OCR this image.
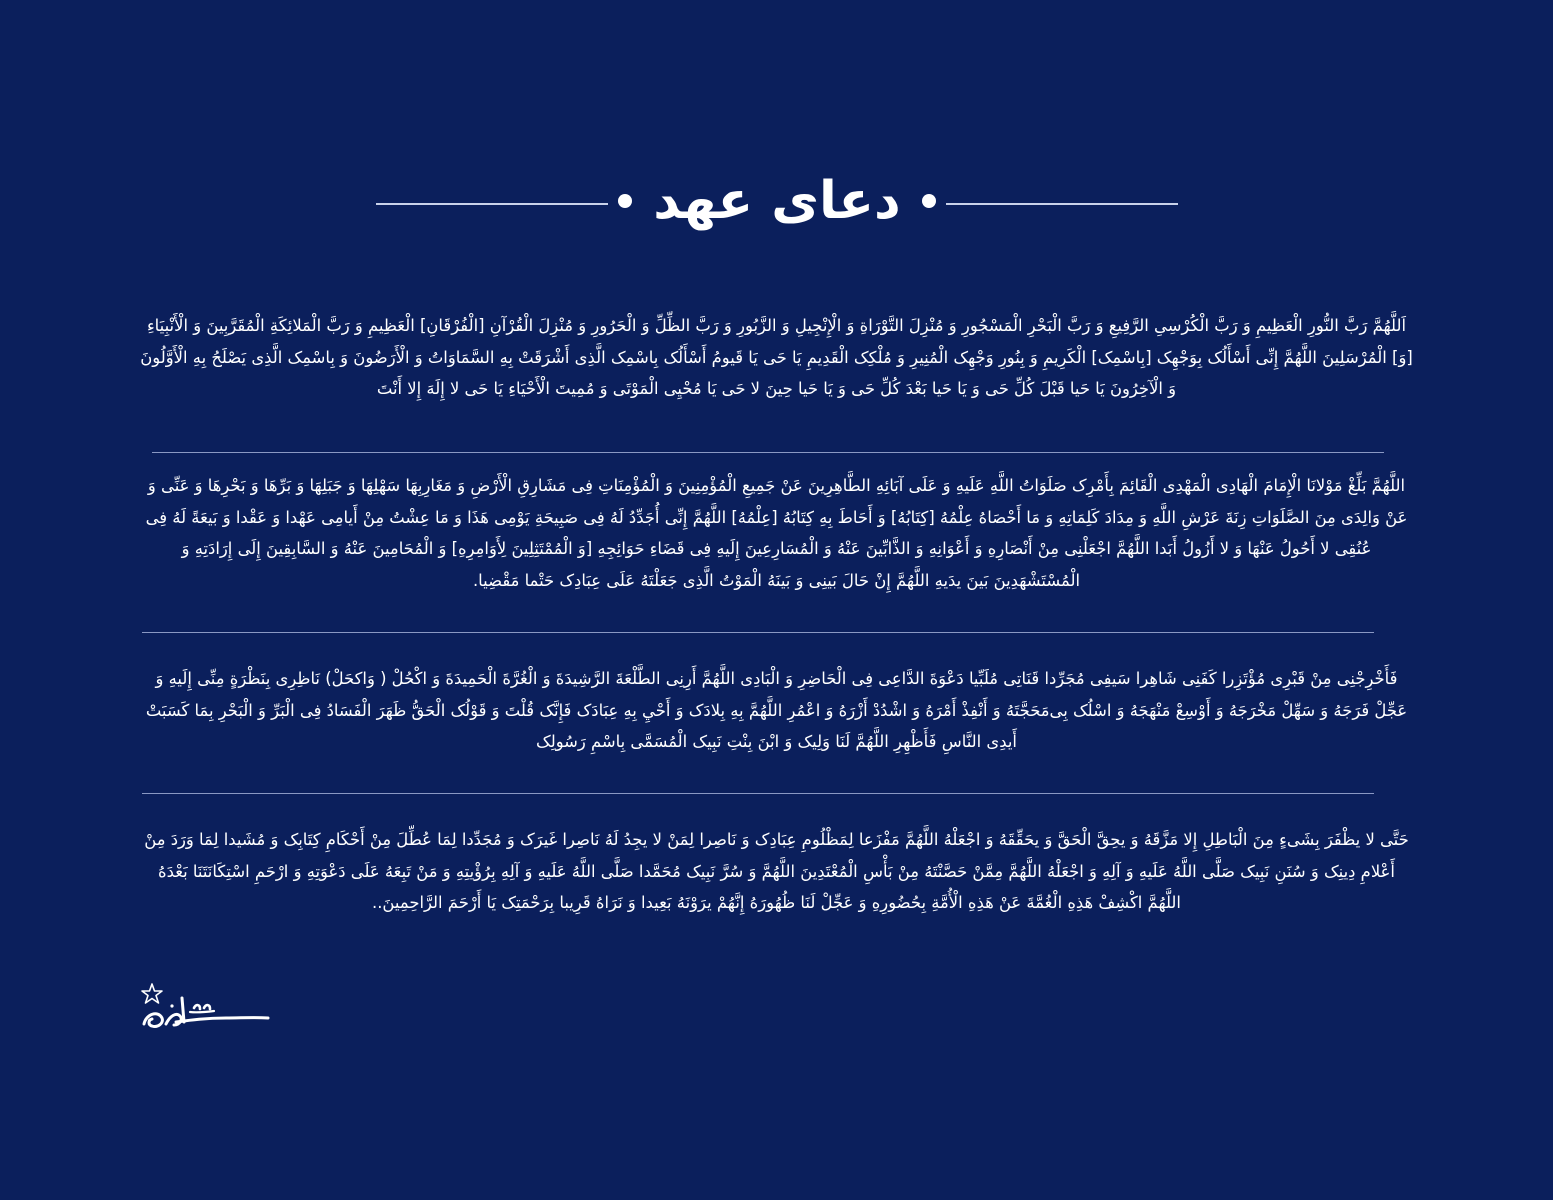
دعای عهد

اَللَّهُمَّ رَبَّ النُّورِ الْعَظِيمِ وَ رَبَّ الْكُرْسِیِ الرَّفِيعِ وَ رَبَّ الْبَحْرِ الْمَسْجُورِ وَ مُنْزِلَ التَّوْرَاةِ وَ الْإِنْجِيلِ وَ الزَّبُورِ وَ رَبَّ الظِّلِّ وَ الْحَرُورِ وَ مُنْزِلَ الْقُرْآنِ [الْفُرْقَانِ] الْعَظِيمِ وَ رَبَّ الْمَلائِكَةِ الْمُقَرَّبِينَ وَ الْأَنْبِيَاءِ [وَ] الْمُرْسَلِينَ اللَّهُمَّ إِنِّی أَسْأَلُک بِوَجْهِک [بِاسْمِک] الْكَرِيمِ وَ بِنُورِ وَجْهِک الْمُنِيرِ وَ مُلْكِک الْقَدِيمِ يَا حَی يَا قَيومُ أَسْأَلُک بِاسْمِک الَّذِی أَشْرَقَتْ بِهِ السَّمَاوَاتُ وَ الْأَرَضُونَ وَ بِاسْمِک الَّذِی يَصْلَحُ بِهِ الْأَوَّلُونَ وَ الْآخِرُونَ يَا حَيا قَبْلَ كُلِّ حَی وَ يَا حَيا بَعْدَ كُلِّ حَی وَ يَا حَيا حِينَ لا حَی يَا مُحْيِی الْمَوْتَی وَ مُمِيتَ الْأَحْيَاءِ يَا حَی لا إِلَهَ إِلا أَنْتَ

اللَّهُمَّ بَلِّغْ مَوْلانَا الْإِمَامَ الْهَادِی الْمَهْدِی الْقَائِمَ بِأَمْرِک صَلَوَاتُ اللَّهِ عَلَيهِ وَ عَلَی آبَائِهِ الطَّاهِرِينَ عَنْ جَمِيعِ الْمُؤْمِنِينَ وَ الْمُؤْمِنَاتِ فِی مَشَارِقِ الْأَرْضِ وَ مَغَارِبِهَا سَهْلِهَا وَ جَبَلِهَا وَ بَرِّهَا وَ بَحْرِهَا وَ عَنِّی وَ عَنْ وَالِدَی مِنَ الصَّلَوَاتِ زِنَةَ عَرْشِ اللَّهِ وَ مِدَادَ كَلِمَاتِهِ وَ مَا أَحْصَاهُ عِلْمُهُ [كِتَابُهُ] وَ أَحَاطَ بِهِ كِتَابُهُ [عِلْمُهُ] اللَّهُمَّ إِنِّی أُجَدِّدُ لَهُ فِی صَبِيحَةِ يَوْمِی هَذَا وَ مَا عِشْتُ مِنْ أَيامِی عَهْدا وَ عَقْدا وَ بَيعَةً لَهُ فِی عُنُقِی لا أَحُولُ عَنْهَا وَ لا أَزُولُ أَبَدا اللَّهُمَّ اجْعَلْنِی مِنْ أَنْصَارِهِ وَ أَعْوَانِهِ وَ الذَّابِّينَ عَنْهُ وَ الْمُسَارِعِينَ إِلَيهِ فِی قَضَاءِ حَوَائِجِهِ [وَ الْمُمْتَثِلِينَ لِأَوَامِرِهِ] وَ الْمُحَامِينَ عَنْهُ وَ السَّابِقِينَ إِلَی إِرَادَتِهِ وَ الْمُسْتَشْهَدِينَ بَينَ يدَيهِ اللَّهُمَّ إِنْ حَالَ بَينِی وَ بَينَهُ الْمَوْتُ الَّذِی جَعَلْتَهُ عَلَی عِبَادِک حَتْما مَقْضِيا.

فَأَخْرِجْنِی مِنْ قَبْرِی مُؤْتَزِرا كَفَنِی شَاهِرا سَيفِی مُجَرِّدا قَنَاتِی مُلَبِّيا دَعْوَةَ الدَّاعِی فِی الْحَاضِرِ وَ الْبَادِی اللَّهُمَّ أَرِنِی الطَّلْعَةَ الرَّشِيدَةَ وَ الْغُرَّةَ الْحَمِيدَةَ وَ اكْحُلْ ( وَاكحَلْ) نَاظِرِی بِنَظْرَةٍ مِنِّی إِلَيهِ وَ عَجِّلْ فَرَجَهُ وَ سَهِّلْ مَخْرَجَهُ وَ أَوْسِعْ مَنْهَجَهُ وَ اسْلُک بِی‌مَحَجَّتَهُ وَ أَنْفِذْ أَمْرَهُ وَ اشْدُدْ أَزْرَهُ وَ اعْمُرِ اللَّهُمَّ بِهِ بِلادَک وَ أَحْيِ بِهِ عِبَادَک فَإِنَّک قُلْتَ وَ قَوْلُک الْحَقُّ ظَهَرَ الْفَسَادُ فِی الْبَرِّ وَ الْبَحْرِ بِمَا كَسَبَتْ أَيدِی النَّاسِ فَأَظْهِرِ اللَّهُمَّ لَنَا وَلِيک وَ ابْنَ بِنْتِ نَبِيک الْمُسَمَّی بِاسْمِ رَسُولِک

حَتَّی لا يظْفَرَ بِشَیءٍ مِنَ الْبَاطِلِ إِلا مَزَّقَهُ وَ يحِقَّ الْحَقَّ وَ يحَقِّقَهُ وَ اجْعَلْهُ اللَّهُمَّ مَفْزَعا لِمَظْلُومِ عِبَادِک وَ نَاصِرا لِمَنْ لا يجِدُ لَهُ نَاصِرا غَيرَک وَ مُجَدِّدا لِمَا عُطِّلَ مِنْ أَحْكَامِ كِتَابِک وَ مُشَيدا لِمَا وَرَدَ مِنْ أَعْلامِ دِينِک وَ سُنَنِ نَبِيک صَلَّی اللَّهُ عَلَيهِ وَ آلِهِ وَ اجْعَلْهُ اللَّهُمَّ مِمَّنْ حَصَّنْتَهُ مِنْ بَأْسِ الْمُعْتَدِينَ اللَّهُمَّ وَ سُرَّ نَبِيک مُحَمَّدا صَلَّی اللَّهُ عَلَيهِ وَ آلِهِ بِرُؤْيتِهِ وَ مَنْ تَبِعَهُ عَلَی دَعْوَتِهِ وَ ارْحَمِ اسْتِكَانَتَنَا بَعْدَهُ اللَّهُمَّ اكْشِفْ هَذِهِ الْغُمَّةَ عَنْ هَذِهِ الْأُمَّةِ بِحُضُورِهِ وَ عَجِّلْ لَنَا ظُهُورَهُ إِنَّهُمْ يرَوْنَهُ بَعِيدا وَ نَرَاهُ قَرِيبا بِرَحْمَتِک يَا أَرْحَمَ الرَّاحِمِينَ..
